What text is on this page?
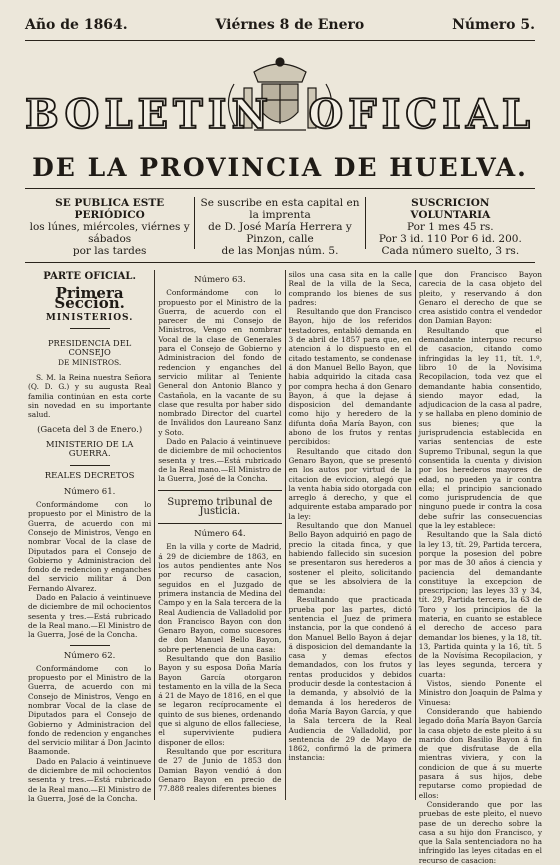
Año de 1864.	Viérnes 8 de Enero	Número 5.
BOLETIN OFICIAL
DE LA PROVINCIA DE HUELVA.
SE PUBLICA ESTE PERIÓDICO
los lúnes, miércoles, viérnes y sábados
por las tardes
Se suscribe en esta capital en la imprenta
de D. José María Herrera y Pinzon, calle
de las Monjas núm. 5.
SUSCRICION VOLUNTARIA
Por 1 mes 45 rs.
Por 3 id. 110 Por 6 id. 200.
Cada número suelto, 3 rs.
PARTE OFICIAL.
Primera Seccion.
MINISTERIOS.
PRESIDENCIA DEL CONSEJO
DE MINISTROS.

S. M. la Reina nuestra Señora (Q. D. G.) y su augusta Real familia continúan en esta corte sin novedad en su importante salud.

(Gaceta del 3 de Enero.)
MINISTERIO DE LA GUERRA.
REALES DECRETOS
Número 61.

Conformándome con lo propuesto por el Ministro de la Guerra, de acuerdo con mi Consejo de Ministros, Vengo en nombrar Vocal de la clase de Diputados para el Consejo de Gobierno y Administracion del fondo de redencion y enganches del servicio militar á Don Fernando Alvarez.

Dado en Palacio á veintinueve de diciembre de mil ochocientos sesenta y tres.—Está rubricado de la Real mano.—El Ministro de la Guerra, José de la Concha.

Número 62.

Conformándome con lo propuesto por el Ministro de la Guerra, de acuerdo con mi Consejo de Ministros, Vengo en nombrar Vocal de la clase de Diputados para el Consejo de Gobierno y Administracion del fondo de redencion y enganches del servicio militar á Don Jacinto Baamonde.

Dado en Palacio á veintinueve de diciembre de mil ochocientos sesenta y tres.—Está rubricado de la Real mano.—El Ministro de la Guerra, José de la Concha.

Número 63.

Conformándome con lo propuesto por el Ministro de la Guerra, de acuerdo con el parecer de mi Consejo de Ministros, Vengo en nombrar Vocal de la clase de Generales para el Consejo de Gobierno y Administracion del fondo de redencion y enganches del servicio militar al Teniente General don Antonio Blanco y Castañola, en la vacante de su clase que resulta por haber sido nombrado Director del cuartel de Inválidos don Laureano Sanz y Soto.

Dado en Palacio á veintinueve de diciembre de mil ochocientos sesenta y tres.—Está rubricado de la Real mano.—El Ministro de la Guerra, José de la Concha.

Supremo tribunal de Justicia.
Número 64.

En la villa y corte de Madrid, á 29 de diciembre de 1863, en los autos pendientes ante Nos por recurso de casacion, seguidos en el Juzgado de primera instancia de Medina del Campo y en la Sala tercera de la Real Audiencia de Valladolid por don Francisco Bayon con don Genaro Bayon, como sucesores de don Manuel Bello Bayon, sobre pertenencia de una casa:

Resultando que don Basilio Bayon y su esposa Doña María Bayon García otorgaron testamento en la villa de la Seca á 21 de Mayo de 1816, en el que se legaron recíprocamente el quinto de sus bienes, ordenando que si alguno de ellos falleciese, el superviviente pudiera disponer de ellos:

Resultando que por escritura de 27 de Junio de 1853 don Damian Bayon vendió á don Genaro Bayon en precio de 77.888 reales diferentes bienes

silos una casa sita en la calle Real de la villa de la Seca, comprando los bienes de sus padres:

Resultando que don Francisco Bayon, hijo de los referidos testadores, entabló demanda en 3 de abril de 1857 para que, en atencion á lo dispuesto en el citado testamento, se condenase á don Manuel Bello Bayon, que habia adquirido la citada casa por compra hecha á don Genaro Bayon, á que la dejase á disposicion del demandante como hijo y heredero de la difunta doña María Bayon, con abono de los frutos y rentas percibidos:

Resultando que citado don Genaro Bayon, que se presentó en los autos por virtud de la citacion de eviccion, alegó que la venta habia sido otorgada con arreglo á derecho, y que el adquirente estaba amparado por la ley:

Resultando que don Manuel Bello Bayon adquirió en pago de precio la citada finca, y que habiendo fallecido sin sucesion se presentaron sus herederos a sostener el pleito, solicitando que se les absolviera de la demanda:

Resultando que practicada prueba por las partes, dictó sentencia el Juez de primera instancia, por la que condenó á don Manuel Bello Bayon á dejar á disposicion del demandante la casa y demas efectos demandados, con los frutos y rentas producidos y debidos producir desde la contestacion á la demanda, y absolvió de la demanda á los herederos de doña María Bayon García, y que la Sala tercera de la Real Audiencia de Valladolid, por sentencia de 29 de Mayo de 1862, confirmó la de primera instancia:

que don Francisco Bayon carecia de la casa objeto del pleito, y reservando á don Genaro el derecho de que se crea asistido contra el vendedor don Damian Bayon:

Resultando que el demandante interpuso recurso de casacion, citando como infringidas la ley 11, tít. 1.º, libro 10 de la Novísima Recopilacion, toda vez que el demandante habia consentido, siendo mayor edad, la adjudicacion de la casa al padre, y se hallaba en pleno dominio de sus bienes; que la jurisprudencia establecida en varias sentencias de este Supremo Tribunal, segun la que consentida la cuenta y division por los herederos mayores de edad, no pueden ya ir contra ella; el principio sancionado como jurisprudencia de que ninguno puede ir contra la cosa debe sufrir las consecuencias que la ley establece:

Resultando que la Sala dictó la ley 13, tít. 29, Partida tercera, porque la posesion del pobre por mas de 30 años á ciencia y paciencia del demandante constituye la excepcion de prescripcion; las leyes 33 y 34, tít. 29, Partida tercera, la 63 de Toro y los principios de la materia, en cuanto se establece el derecho de acceso para demandar los bienes, y la 18, tít. 13, Partida quinta y la 16, tít. 5 de la Novísima Recopilacion, y las leyes segunda, tercera y cuarta:

Vistos, siendo Ponente el Ministro don Joaquin de Palma y Vinuesa:

Considerando que habiendo legado doña María Bayon García la casa objeto de este pleito á su marido don Basilio Bayon á fin de que disfrutase de ella mientras viviera, y con la condicion de que á su muerte pasara á sus hijos, debe reputarse como propiedad de ellos:

Considerando que por las pruebas de este pleito, el nuevo pase de un derecho sobre la casa a su hijo don Francisco, y que la Sala sentenciadora no ha infringido las leyes citadas en el recurso de casacion:
